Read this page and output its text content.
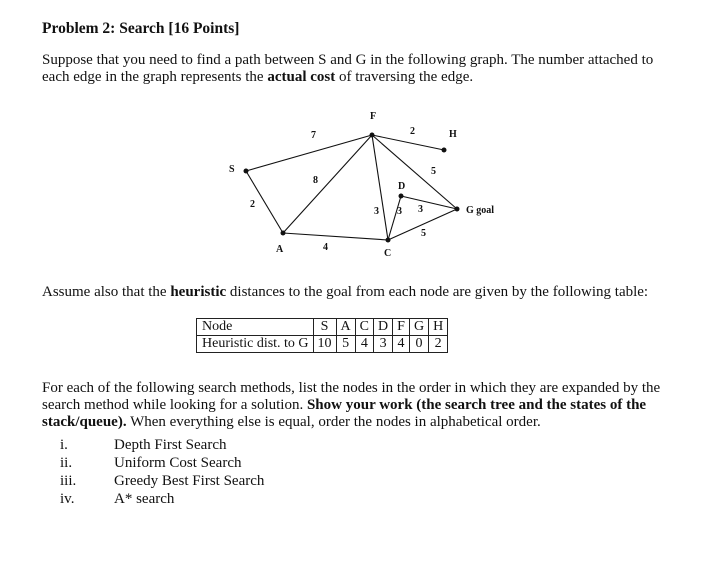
Problem 2: Search [16 Points]
Suppose that you need to find a path between S and G in the following graph. The number attached to each edge in the graph represents the actual cost of traversing the edge.
S
A
F
C
D
H
G goal
2
7
8
4
3
2
5
3 3
5
Assume also that the heuristic distances to the goal from each node are given by the following table:
Node	S	A	C	D	F	G	H
Heuristic dist. to G	10	5	4	3	4	0	2
For each of the following search methods, list the nodes in the order in which they are expanded by the search method while looking for a solution. Show your work (the search tree and the states of the stack/queue). When everything else is equal, order the nodes in alphabetical order.
i.	Depth First Search
ii.	Uniform Cost Search
iii.	Greedy Best First Search
iv.	A* search
